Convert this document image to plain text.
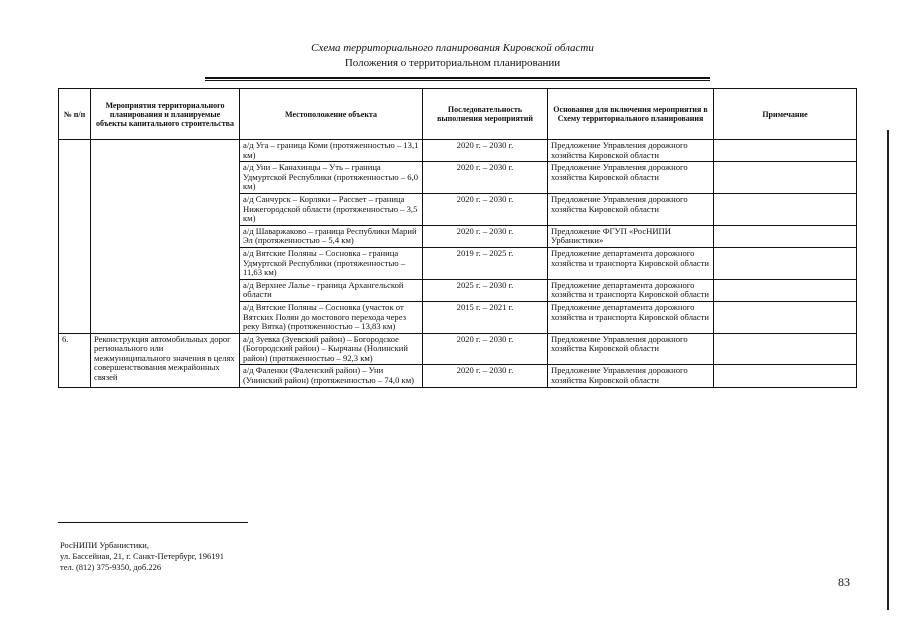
Схема территориального планирования Кировской области
Положения о территориальном планировании
№ п/п	Мероприятия территориального планирования и планируемые объекты капитального строительства	Местоположение объекта	Последовательность выполнения мероприятий	Основания для включения мероприятия в Схему территориального планирования	Примечание
		а/д Уга – граница Коми (протяженностью – 13,1 км)	2020 г. – 2030 г.	Предложение Управления дорожного хозяйства Кировской области	
		а/д Уни – Канахинцы – Уть – граница Удмуртской Республики (протяженностью – 6,0 км)	2020 г. – 2030 г.	Предложение Управления дорожного хозяйства Кировской области	
		а/д Санчурск – Корляки – Рассвет – граница Нижегородской области (протяженностью – 3,5 км)	2020 г. – 2030 г.	Предложение Управления дорожного хозяйства Кировской области	
		а/д Шаваржаково – граница Республики Марий Эл (протяженностью – 5,4 км)	2020 г. – 2030 г.	Предложение ФГУП «РосНИПИ Урбанистики»	
		а/д Вятские Поляны – Сосновка – граница Удмуртской Республики (протяженностью – 11,63 км)	2019 г. – 2025 г.	Предложение департамента дорожного хозяйства и транспорта Кировской области	
		а/д Верхнее Лалье - граница Архангельской области	2025 г. – 2030 г.	Предложение департамента дорожного хозяйства и транспорта Кировской области	
		а/д Вятские Поляны – Сосновка (участок от Вятских Полян до мостового перехода через реку Вятка) (протяженностью – 13,83 км)	2015 г. – 2021 г.	Предложение департамента дорожного хозяйства и транспорта Кировской области	
6.	Реконструкция автомобильных дорог регионального или межмуниципального значения в целях совершенствования межрайонных связей	а/д Зуевка (Зуевский район) – Богородское (Богородский район) – Кырчаны (Нолинский район) (протяженностью – 92,3 км)	2020 г. – 2030 г.	Предложение Управления дорожного хозяйства Кировской области	
		а/д Фаленки (Фаленский район) – Уни (Унинский район) (протяженностью – 74,0 км)	2020 г. – 2030 г.	Предложение Управления дорожного хозяйства Кировской области	
РосНИПИ Урбанистики,
ул. Бассейная, 21, г. Санкт-Петербург, 196191
тел. (812) 375-9350, доб.226
83
